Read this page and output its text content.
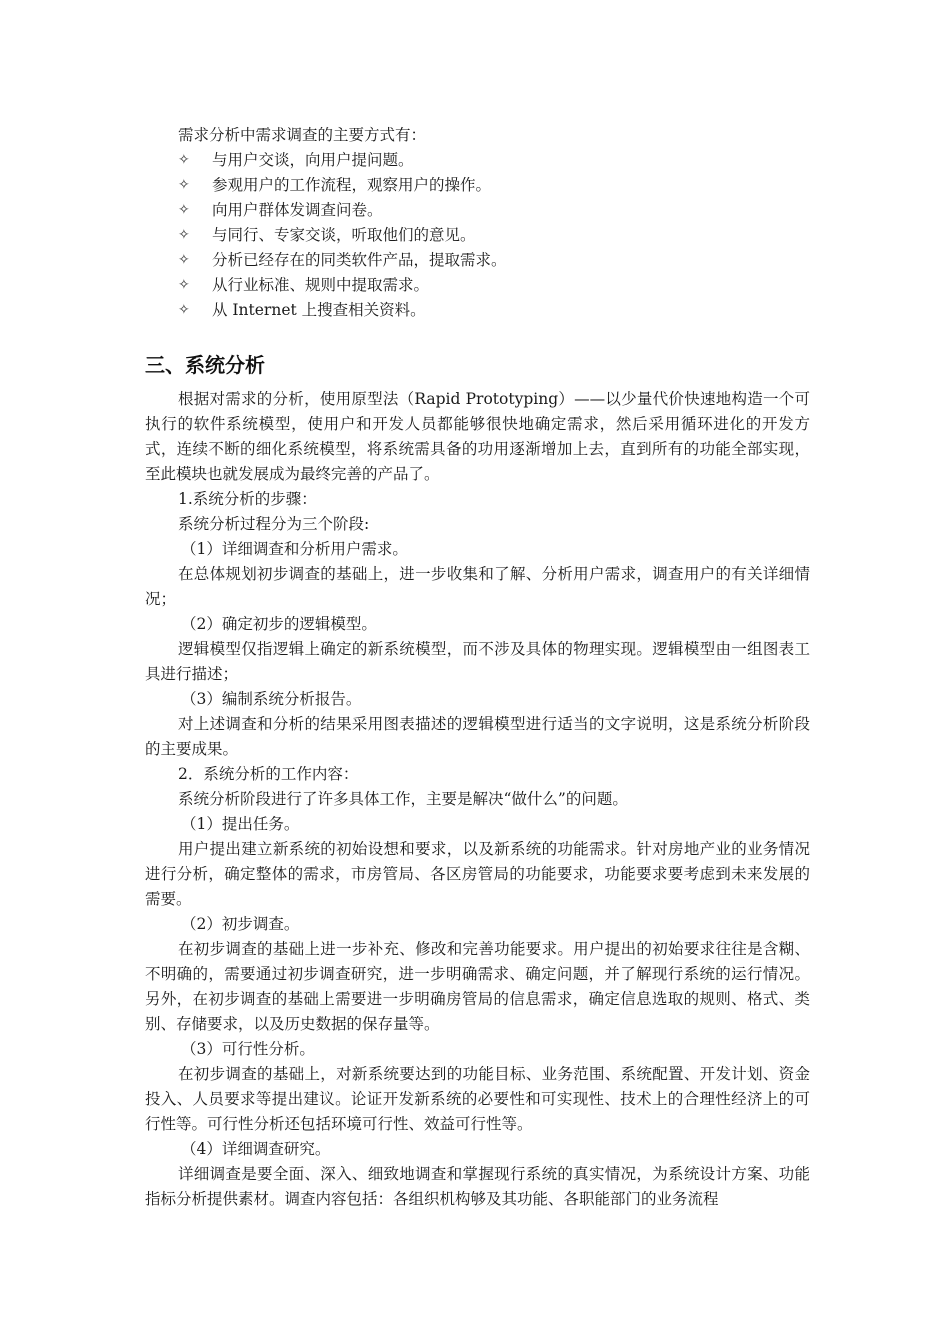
需求分析中需求调查的主要方式有：
✧	与用户交谈，向用户提问题。
✧	参观用户的工作流程，观察用户的操作。
✧	向用户群体发调查问卷。
✧	与同行、专家交谈，听取他们的意见。
✧	分析已经存在的同类软件产品，提取需求。
✧	从行业标准、规则中提取需求。
✧	从 Internet 上搜查相关资料。
三、系统分析
根据对需求的分析，使用原型法（Rapid Prototyping）——以少量代价快速地构造一个可执行的软件系统模型，使用户和开发人员都能够很快地确定需求，然后采用循环进化的开发方式，连续不断的细化系统模型，将系统需具备的功用逐渐增加上去，直到所有的功能全部实现，至此模块也就发展成为最终完善的产品了。
1.系统分析的步骤：
系统分析过程分为三个阶段:
（1）详细调查和分析用户需求。
在总体规划初步调查的基础上，进一步收集和了解、分析用户需求，调查用户的有关详细情况；
（2）确定初步的逻辑模型。
逻辑模型仅指逻辑上确定的新系统模型，而不涉及具体的物理实现。逻辑模型由一组图表工具进行描述；
（3）编制系统分析报告。
对上述调查和分析的结果采用图表描述的逻辑模型进行适当的文字说明，这是系统分析阶段的主要成果。
2．系统分析的工作内容：
系统分析阶段进行了许多具体工作，主要是解决“做什么”的问题。
（1）提出任务。
用户提出建立新系统的初始设想和要求，以及新系统的功能需求。针对房地产业的业务情况进行分析，确定整体的需求，市房管局、各区房管局的功能要求，功能要求要考虑到未来发展的需要。
（2）初步调查。
在初步调查的基础上进一步补充、修改和完善功能要求。用户提出的初始要求往往是含糊、不明确的，需要通过初步调查研究，进一步明确需求、确定问题，并了解现行系统的运行情况。另外，在初步调查的基础上需要进一步明确房管局的信息需求，确定信息选取的规则、格式、类别、存储要求，以及历史数据的保存量等。
（3）可行性分析。
在初步调查的基础上，对新系统要达到的功能目标、业务范围、系统配置、开发计划、资金投入、人员要求等提出建议。论证开发新系统的必要性和可实现性、技术上的合理性经济上的可行性等。可行性分析还包括环境可行性、效益可行性等。
（4）详细调查研究。
详细调查是要全面、深入、细致地调查和掌握现行系统的真实情况，为系统设计方案、功能指标分析提供素材。调查内容包括：各组织机构够及其功能、各职能部门的业务流程
